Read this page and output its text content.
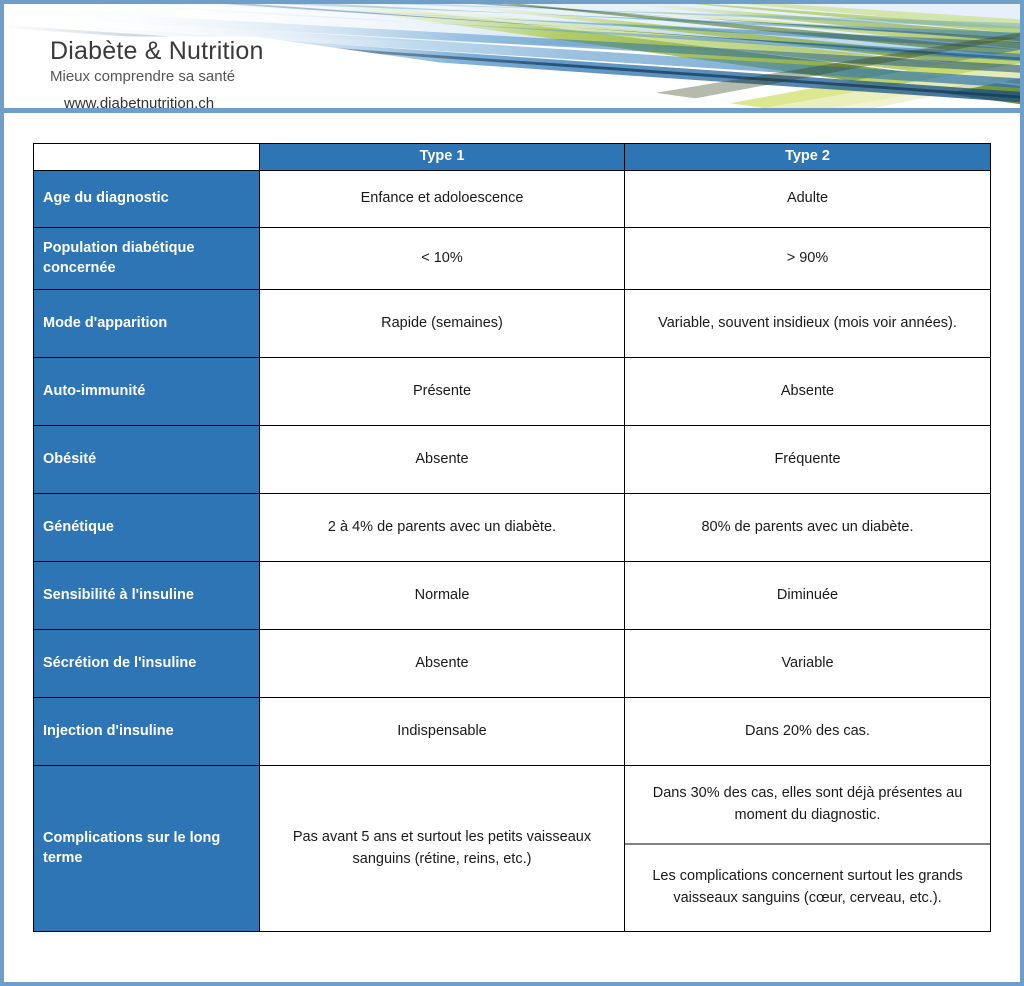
Diabète & Nutrition
Mieux comprendre sa santé
www.diabetnutrition.ch
	Type 1	Type 2
Age du diagnostic	Enfance et adoloescence	Adulte
Population diabétique concernée	< 10%	> 90%
Mode d'apparition	Rapide (semaines)	Variable, souvent insidieux (mois voir années).
Auto-immunité	Présente	Absente
Obésité	Absente	Fréquente
Génétique	2 à 4% de parents avec un diabète.	80% de parents avec un diabète.
Sensibilité à l'insuline	Normale	Diminuée
Sécrétion de l'insuline	Absente	Variable
Injection d'insuline	Indispensable	Dans 20% des cas.
Complications sur le long terme	Pas avant 5 ans et surtout les petits vaisseaux sanguins (rétine, reins, etc.)	Dans 30% des cas, elles sont déjà présentes au moment du diagnostic.
Les complications concernent surtout les grands vaisseaux sanguins (cœur, cerveau, etc.).
